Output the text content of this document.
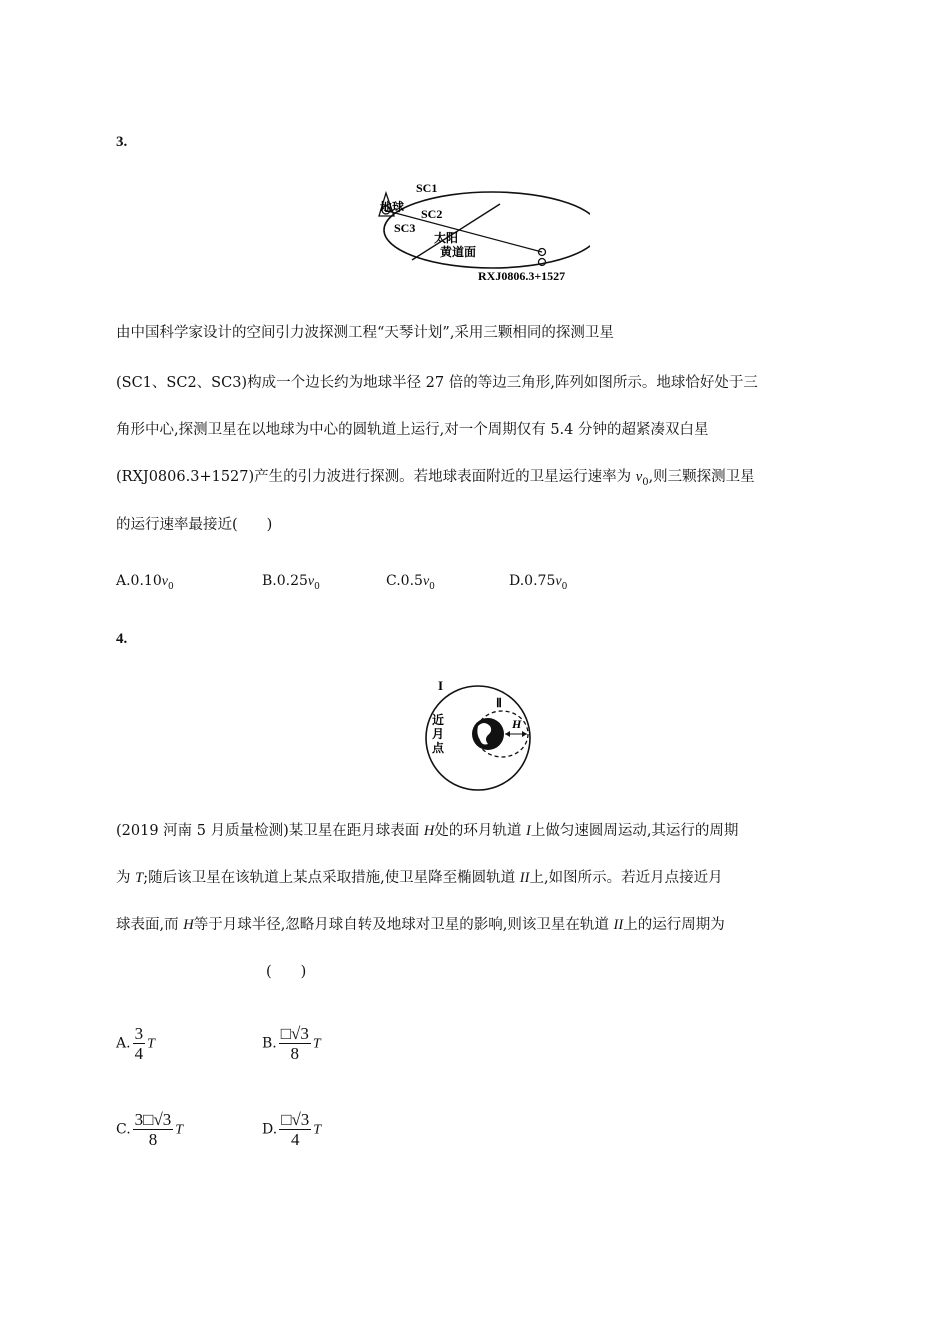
3.
SC1
地球 SC2
SC3
太阳
黄道面
RXJ0806.3+1527
由中国科学家设计的空间引力波探测工程“天琴计划”,采用三颗相同的探测卫星
(SC1、SC2、SC3)构成一个边长约为地球半径 27 倍的等边三角形,阵列如图所示。地球恰好处于三
角形中心,探测卫星在以地球为中心的圆轨道上运行,对一个周期仅有 5.4 分钟的超紧凑双白星
(RXJ0806.3+1527)产生的引力波进行探测。若地球表面附近的卫星运行速率为 $v_0$,则三颗探测卫星
的运行速率最接近(　　)
$A.0.10v_0$	$B.0.25v_0$	$C.0.5v_0$	$D.0.75v_0$
4.
I
Ⅱ
H
近
月
点
(2019 河南 5 月质量检测)某卫星在距月球表面 H处的环月轨道 I上做匀速圆周运动,其运行的周期
为 T;随后该卫星在该轨道上某点采取措施,使卫星降至椭圆轨道 II上,如图所示。若近月点接近月
球表面,而 H等于月球半径,忽略月球自转及地球对卫星的影响,则该卫星在轨道 II上的运行周期为
(　　)
A. $\frac{3}{4}$ T	B. $\frac{□√3}{8}$ T
C. $\frac{3□√3}{8}$ T	D. $\frac{□√3}{4}$ T
